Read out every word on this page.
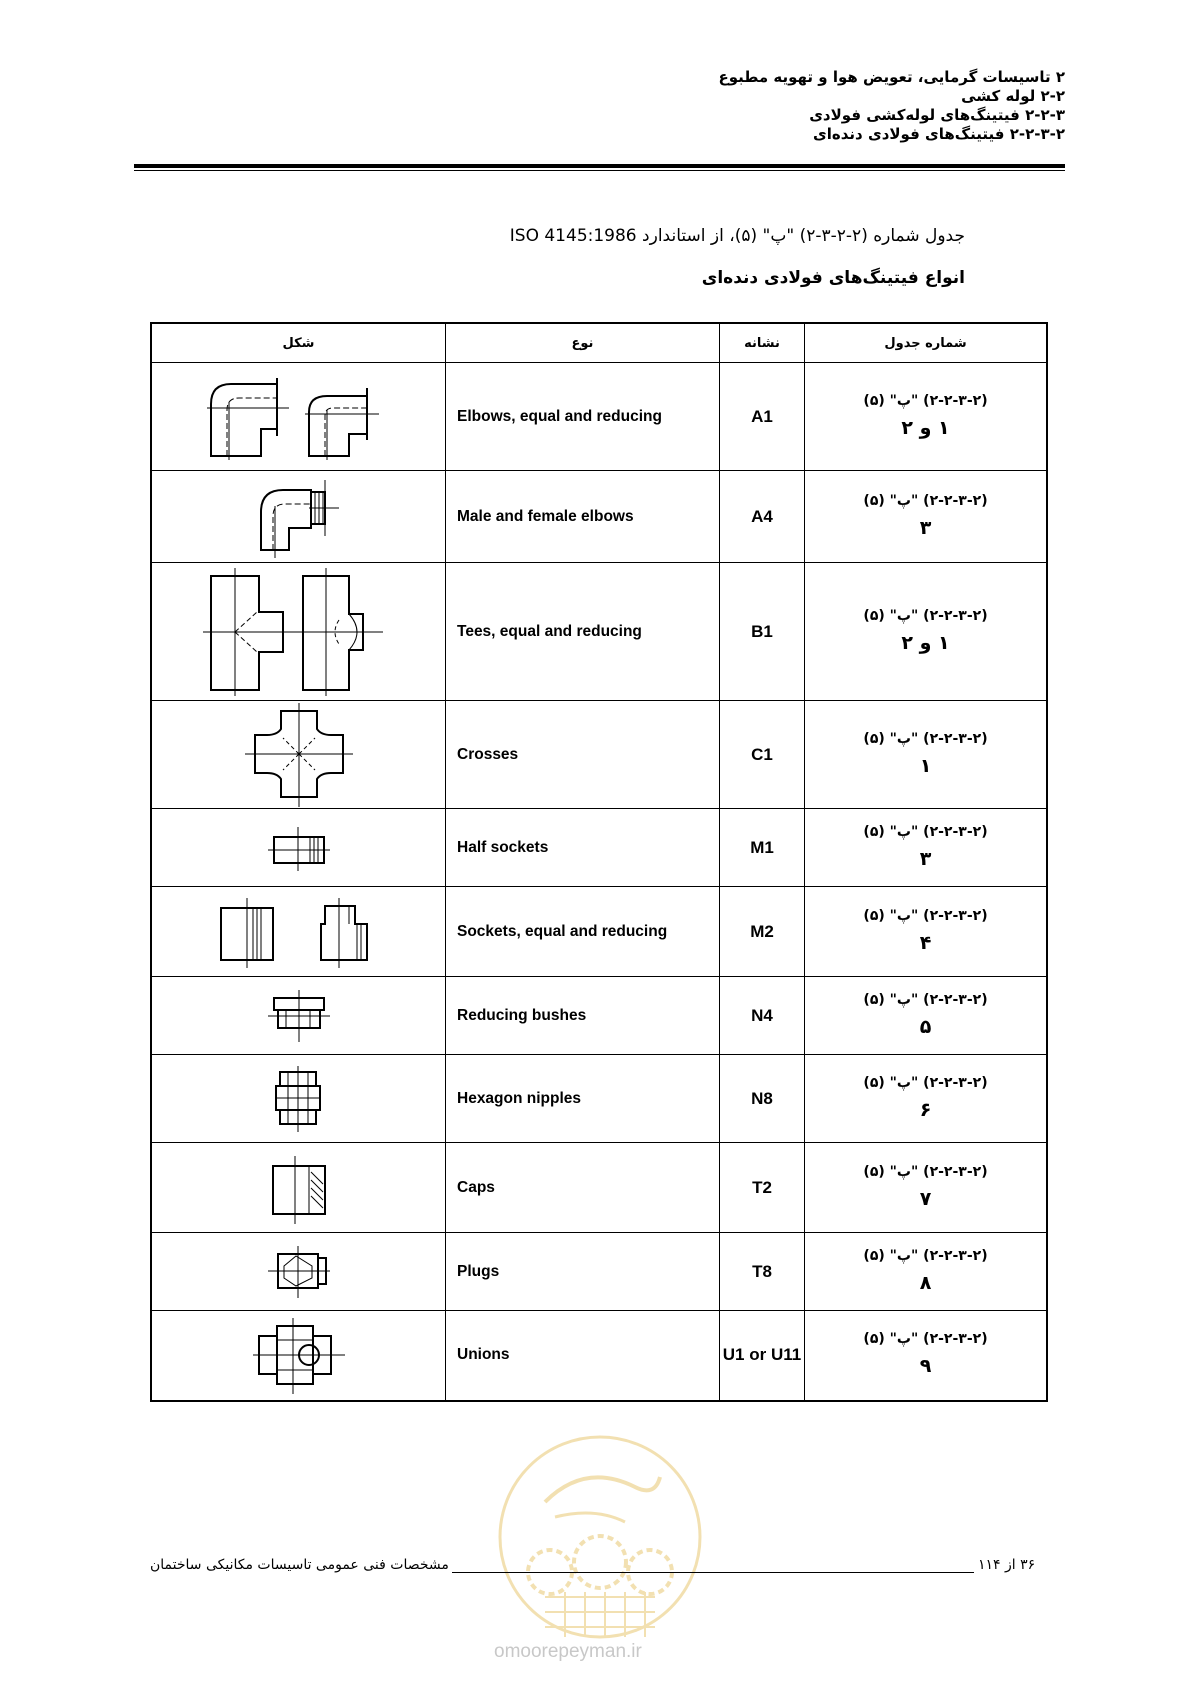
۲ تاسیسات گرمایی، تعویض هوا و تهویه مطبوع
۲-۲ لوله کشی
۲-۲-۳ فیتینگ‌های لوله‌کشی فولادی
۲-۲-۳-۲ فیتینگ‌های فولادی دنده‌ای
جدول شماره (۲-۲-۳-۲) "پ" (۵)، از استاندارد ISO 4145:1986
انواع فیتینگ‌های فولادی دنده‌ای
شکل	نوع	نشانه	شماره جدول

	Elbows, equal and reducing	A1	(۲-۲-۳-۲) "پ" (۵)
۱ و ۲

	Male and female elbows	A4	(۲-۲-۳-۲) "پ" (۵)
۳

	Tees, equal and reducing	B1	(۲-۲-۳-۲) "پ" (۵)
۱ و ۲

	Crosses	C1	(۲-۲-۳-۲) "پ" (۵)
۱

	Half sockets	M1	(۲-۲-۳-۲) "پ" (۵)
۳

	Sockets, equal and reducing	M2	(۲-۲-۳-۲) "پ" (۵)
۴

	Reducing bushes	N4	(۲-۲-۳-۲) "پ" (۵)
۵

	Hexagon nipples	N8	(۲-۲-۳-۲) "پ" (۵)
۶

	Caps	T2	(۲-۲-۳-۲) "پ" (۵)
۷

	Plugs	T8	(۲-۲-۳-۲) "پ" (۵)
۸

	Unions	U1 or U11	(۲-۲-۳-۲) "پ" (۵)
۹
omoorepeyman.ir
مشخصات فنی عمومی تاسیسات مکانیکی ساختمان	۳۶ از ۱۱۴
